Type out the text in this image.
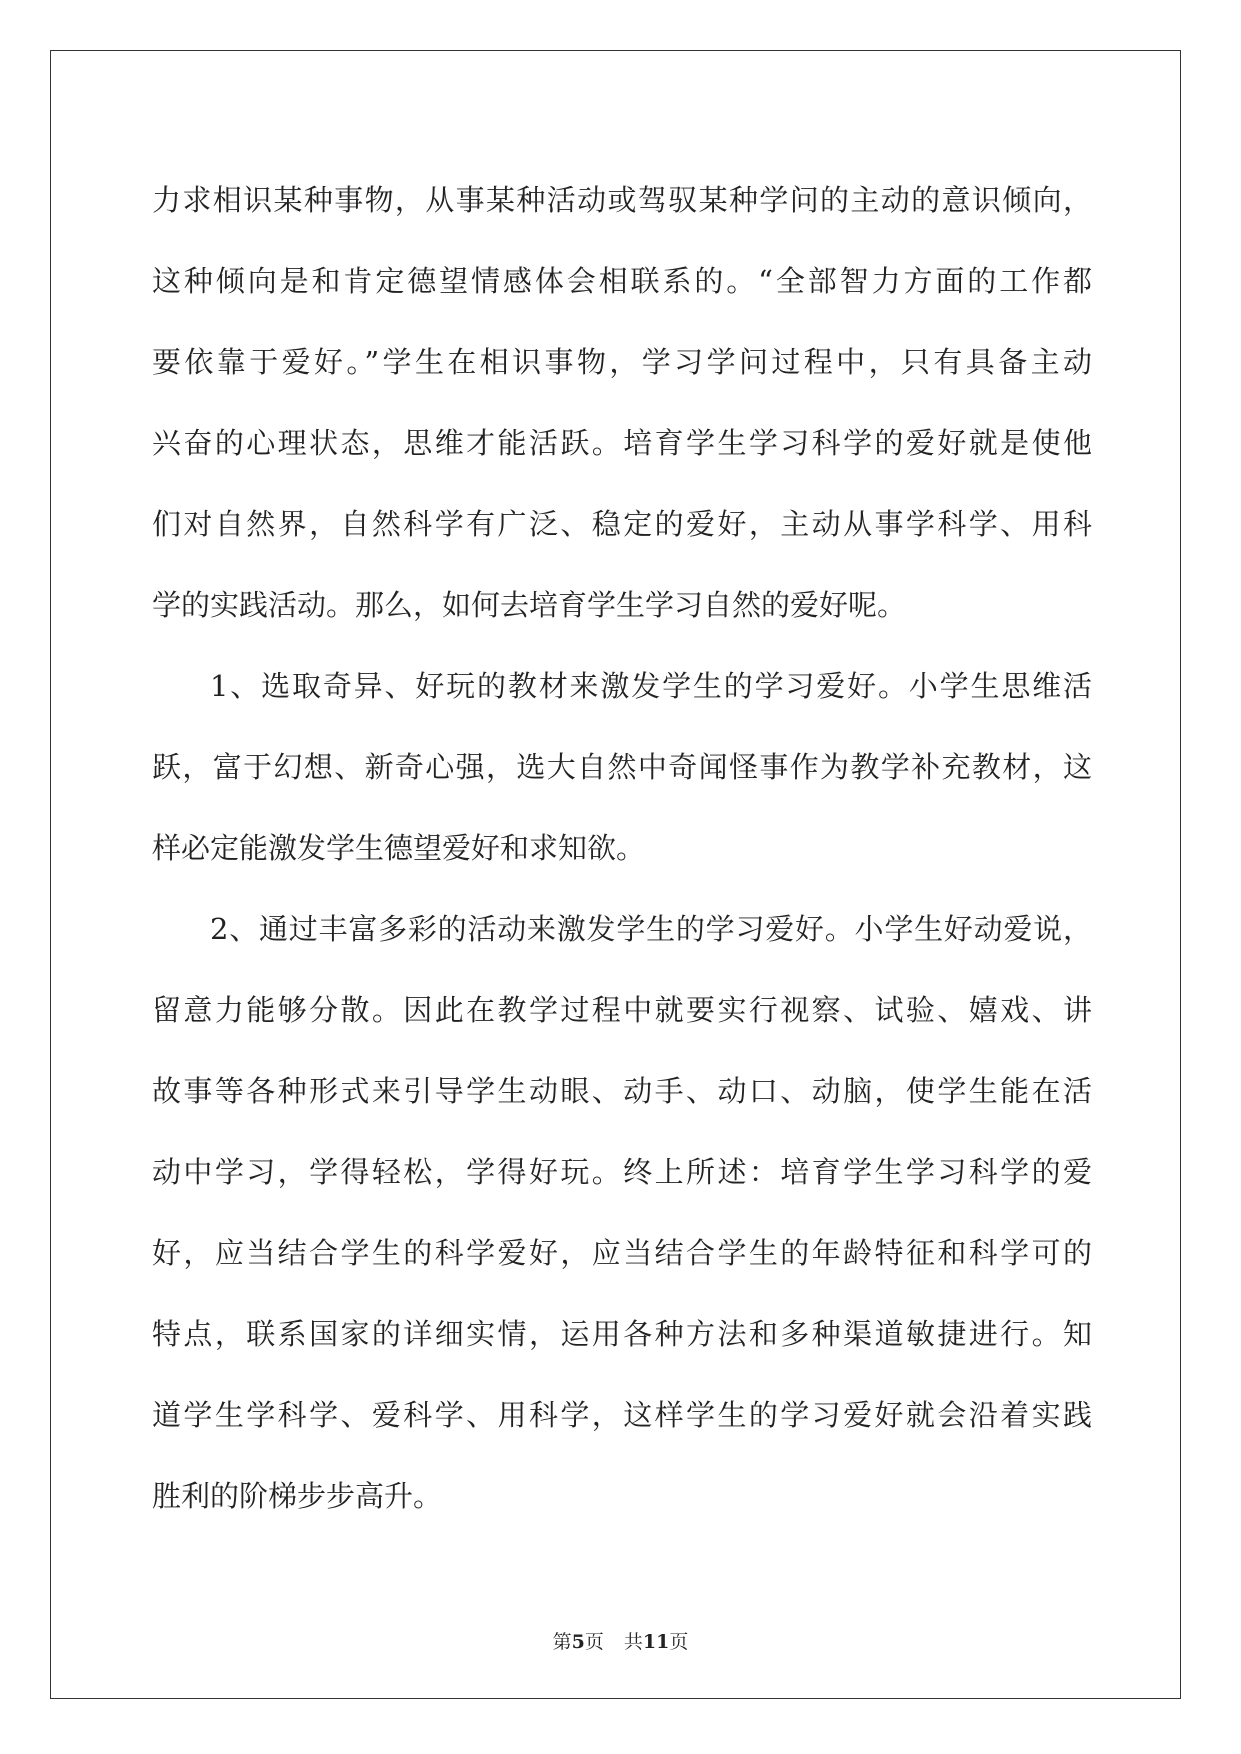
力求相识某种事物，从事某种活动或驾驭某种学问的主动的意识倾向，
这种倾向是和肯定德望情感体会相联系的。“全部智力方面的工作都
要依靠于爱好。”学生在相识事物，学习学问过程中，只有具备主动
兴奋的心理状态，思维才能活跃。培育学生学习科学的爱好就是使他
们对自然界，自然科学有广泛、稳定的爱好，主动从事学科学、用科
学的实践活动。那么，如何去培育学生学习自然的爱好呢。
1、选取奇异、好玩的教材来激发学生的学习爱好。小学生思维活
跃，富于幻想、新奇心强，选大自然中奇闻怪事作为教学补充教材，这
样必定能激发学生德望爱好和求知欲。
2、通过丰富多彩的活动来激发学生的学习爱好。小学生好动爱说，
留意力能够分散。因此在教学过程中就要实行视察、试验、嬉戏、讲
故事等各种形式来引导学生动眼、动手、动口、动脑，使学生能在活
动中学习，学得轻松，学得好玩。终上所述：培育学生学习科学的爱
好，应当结合学生的科学爱好，应当结合学生的年龄特征和科学可的
特点，联系国家的详细实情，运用各种方法和多种渠道敏捷进行。知
道学生学科学、爱科学、用科学，这样学生的学习爱好就会沿着实践
胜利的阶梯步步高升。
第5页 共11页
